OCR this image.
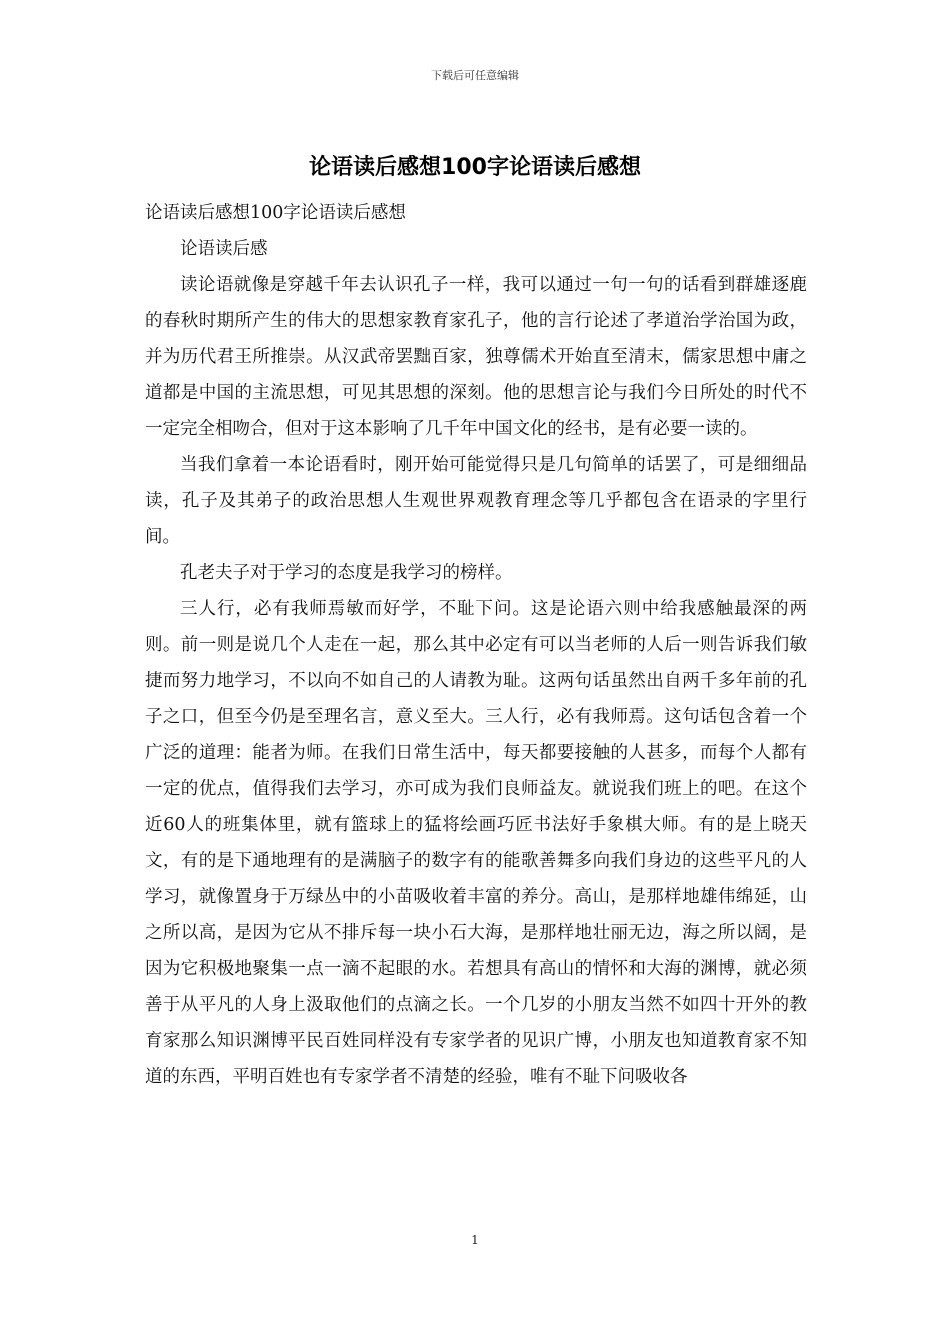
下载后可任意编辑
论语读后感想100字论语读后感想

论语读后感想100字论语读后感想

论语读后感

读论语就像是穿越千年去认识孔子一样，我可以通过一句一句的话看到群雄逐鹿的春秋时期所产生的伟大的思想家教育家孔子，他的言行论述了孝道治学治国为政，并为历代君王所推崇。从汉武帝罢黜百家，独尊儒术开始直至清末，儒家思想中庸之道都是中国的主流思想，可见其思想的深刻。他的思想言论与我们今日所处的时代不一定完全相吻合，但对于这本影响了几千年中国文化的经书，是有必要一读的。

当我们拿着一本论语看时，刚开始可能觉得只是几句简单的话罢了，可是细细品读，孔子及其弟子的政治思想人生观世界观教育理念等几乎都包含在语录的字里行间。

孔老夫子对于学习的态度是我学习的榜样。

三人行，必有我师焉敏而好学，不耻下问。这是论语六则中给我感触最深的两则。前一则是说几个人走在一起，那么其中必定有可以当老师的人后一则告诉我们敏捷而努力地学习，不以向不如自己的人请教为耻。这两句话虽然出自两千多年前的孔子之口，但至今仍是至理名言，意义至大。三人行，必有我师焉。这句话包含着一个广泛的道理：能者为师。在我们日常生活中，每天都要接触的人甚多，而每个人都有一定的优点，值得我们去学习，亦可成为我们良师益友。就说我们班上的吧。在这个近60人的班集体里，就有篮球上的猛将绘画巧匠书法好手象棋大师。有的是上晓天文，有的是下通地理有的是满脑子的数字有的能歌善舞多向我们身边的这些平凡的人学习，就像置身于万绿丛中的小苗吸收着丰富的养分。高山，是那样地雄伟绵延，山之所以高，是因为它从不排斥每一块小石大海，是那样地壮丽无边，海之所以阔，是因为它积极地聚集一点一滴不起眼的水。若想具有高山的情怀和大海的渊博，就必须善于从平凡的人身上汲取他们的点滴之长。一个几岁的小朋友当然不如四十开外的教育家那么知识渊博平民百姓同样没有专家学者的见识广博，小朋友也知道教育家不知道的东西，平明百姓也有专家学者不清楚的经验，唯有不耻下问吸收各

1
